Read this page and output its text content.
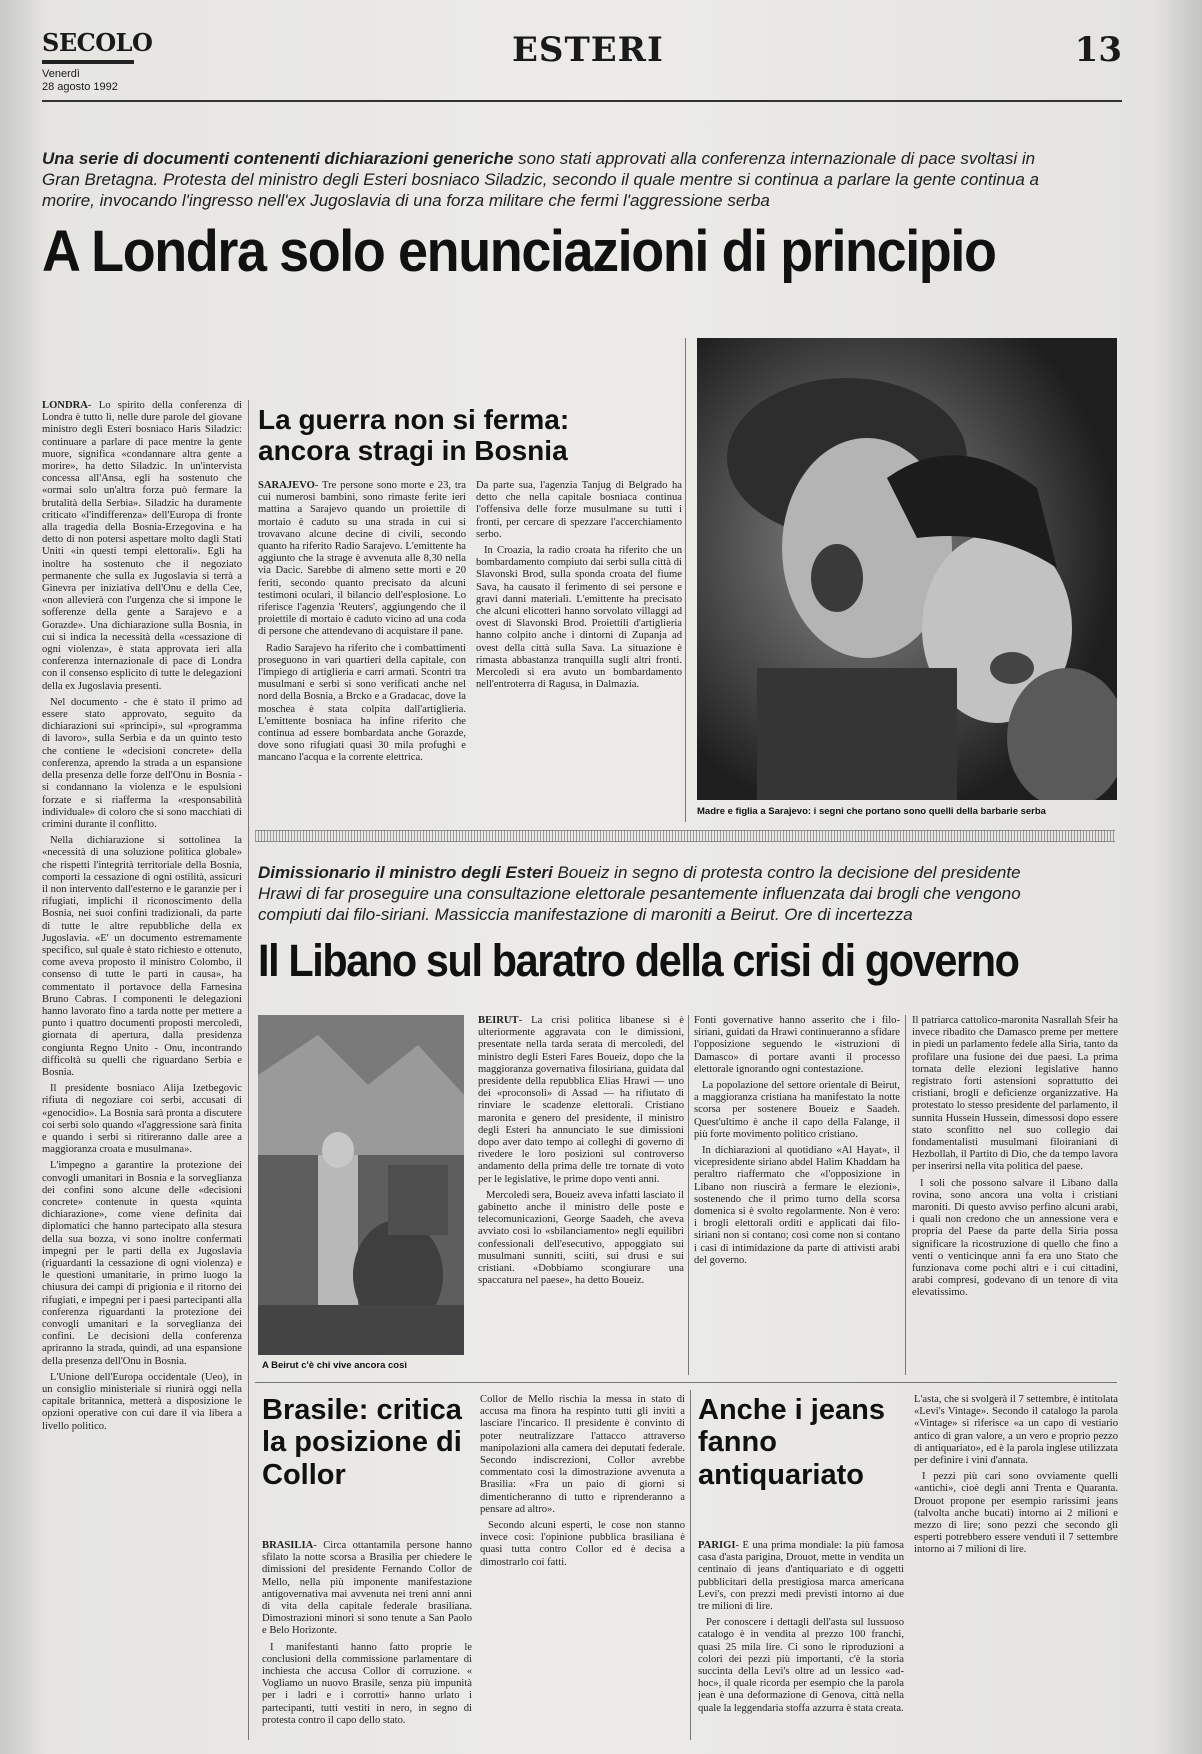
SECOLO
Venerdì
28 agosto 1992
ESTERI	13
Una serie di documenti contenenti dichiarazioni generiche sono stati approvati alla conferenza internazionale di pace svoltasi in Gran Bretagna. Protesta del ministro degli Esteri bosniaco Siladzic, secondo il quale mentre si continua a parlare la gente continua a morire, invocando l'ingresso nell'ex Jugoslavia di una forza militare che fermi l'aggressione serba
A Londra solo enunciazioni di principio

LONDRA- Lo spirito della conferenza di Londra è tutto lì, nelle dure parole del giovane ministro degli Esteri bosniaco Haris Siladzic: continuare a parlare di pace mentre la gente muore, significa «condannare altra gente a morire», ha detto Siladzic. In un'intervista concessa all'Ansa, egli ha sostenuto che «ormai solo un'altra forza può fermare la brutalità della Serbia». Siladzic ha duramente criticato «l'indifferenza» dell'Europa di fronte alla tragedia della Bosnia-Erzegovina e ha detto di non potersi aspettare molto dagli Stati Uniti «in questi tempi elettorali». Egli ha inoltre ha sostenuto che il negoziato permanente che sulla ex Jugoslavia si terrà a Ginevra per iniziativa dell'Onu e della Cee, «non allevierà con l'urgenza che si impone le sofferenze della gente a Sarajevo e a Gorazde». Una dichiarazione sulla Bosnia, in cui si indica la necessità della «cessazione di ogni violenza», è stata approvata ieri alla conferenza internazionale di pace di Londra con il consenso esplicito di tutte le delegazioni della ex Jugoslavia presenti.

Nel documento - che è stato il primo ad essere stato approvato, seguito da dichiarazioni sui «principi», sul «programma di lavoro», sulla Serbia e da un quinto testo che contiene le «decisioni concrete» della conferenza, aprendo la strada a un espansione della presenza delle forze dell'Onu in Bosnia - si condannano la violenza e le espulsioni forzate e si riafferma la «responsabilità individuale» di coloro che si sono macchiati di crimini durante il conflitto.

Nella dichiarazione si sottolinea la «necessità di una soluzione politica globale» che rispetti l'integrità territoriale della Bosnia, comporti la cessazione di ogni ostilità, assicuri il non intervento dall'esterno e le garanzie per i rifugiati, implichi il riconoscimento della Bosnia, nei suoi confini tradizionali, da parte di tutte le altre repubbliche della ex Jugoslavia. «E' un documento estremamente specifico, sul quale è stato richiesto e ottenuto, come aveva proposto il ministro Colombo, il consenso di tutte le parti in causa», ha commentato il portavoce della Farnesina Bruno Cabras. I componenti le delegazioni hanno lavorato fino a tarda notte per mettere a punto i quattro documenti proposti mercoledì, giornata di apertura, dalla presidenza congiunta Regno Unito - Onu, incontrando difficoltà su quelli che riguardano Serbia e Bosnia.

Il presidente bosniaco Alija Izetbegovic rifiuta di negoziare coi serbi, accusati di «genocidio». La Bosnia sarà pronta a discutere coi serbi solo quando «l'aggressione sarà finita e quando i serbi si ritireranno dalle aree a maggioranza croata e musulmana».

L'impegno a garantire la protezione dei convogli umanitari in Bosnia e la sorveglianza dei confini sono alcune delle «decisioni concrete» contenute in questa «quinta dichiarazione», come viene definita dai diplomatici che hanno partecipato alla stesura della sua bozza, vi sono inoltre confermati impegni per le parti della ex Jugoslavia (riguardanti la cessazione di ogni violenza) e le questioni umanitarie, in primo luogo la chiusura dei campi di prigionia e il ritorno dei rifugiati, e impegni per i paesi partecipanti alla conferenza riguardanti la protezione dei convogli umanitari e la sorveglianza dei confini. Le decisioni della conferenza apriranno la strada, quindi, ad una espansione della presenza dell'Onu in Bosnia.

L'Unione dell'Europa occidentale (Ueo), in un consiglio ministeriale si riunirà oggi nella capitale britannica, metterà a disposizione le opzioni operative con cui dare il via libera a livello politico.

La guerra non si ferma: ancora stragi in Bosnia

SARAJEVO- Tre persone sono morte e 23, tra cui numerosi bambini, sono rimaste ferite ieri mattina a Sarajevo quando un proiettile di mortaio è caduto su una strada in cui si trovavano alcune decine di civili, secondo quanto ha riferito Radio Sarajevo. L'emittente ha aggiunto che la strage è avvenuta alle 8,30 nella via Dacic. Sarebbe di almeno sette morti e 20 feriti, secondo quanto precisato da alcuni testimoni oculari, il bilancio dell'esplosione. Lo riferisce l'agenzia 'Reuters', aggiungendo che il proiettile di mortaio è caduto vicino ad una coda di persone che attendevano di acquistare il pane.

Radio Sarajevo ha riferito che i combattimenti proseguono in vari quartieri della capitale, con l'impiego di artiglieria e carri armati. Scontri tra musulmani e serbi si sono verificati anche nel nord della Bosnia, a Brcko e a Gradacac, dove la moschea è stata colpita dall'artiglieria. L'emittente bosniaca ha infine riferito che continua ad essere bombardata anche Gorazde, dove sono rifugiati quasi 30 mila profughi e mancano l'acqua e la corrente elettrica.

Da parte sua, l'agenzia Tanjug di Belgrado ha detto che nella capitale bosniaca continua l'offensiva delle forze musulmane su tutti i fronti, per cercare di spezzare l'accerchiamento serbo.

In Croazia, la radio croata ha riferito che un bombardamento compiuto dai serbi sulla città di Slavonski Brod, sulla sponda croata del fiume Sava, ha causato il ferimento di sei persone e gravi danni materiali. L'emittente ha precisato che alcuni elicotteri hanno sorvolato villaggi ad ovest di Slavonski Brod. Proiettili d'artiglieria hanno colpito anche i dintorni di Zupanja ad ovest della città sulla Sava. La situazione è rimasta abbastanza tranquilla sugli altri fronti. Mercoledì si era avuto un bombardamento nell'entroterra di Ragusa, in Dalmazia.

Madre e figlia a Sarajevo: i segni che portano sono quelli della barbarie serba
Dimissionario il ministro degli Esteri Boueiz in segno di protesta contro la decisione del presidente Hrawi di far proseguire una consultazione elettorale pesantemente influenzata dai brogli che vengono compiuti dai filo-siriani. Massiccia manifestazione di maroniti a Beirut. Ore di incertezza
Il Libano sul baratro della crisi di governo
A Beirut c'è chi vive ancora così

BEIRUT- La crisi politica libanese si è ulteriormente aggravata con le dimissioni, presentate nella tarda serata di mercoledì, del ministro degli Esteri Fares Boueiz, dopo che la maggioranza governativa filosiriana, guidata dal presidente della repubblica Elias Hrawi — uno dei «proconsoli» di Assad — ha rifiutato di rinviare le scadenze elettorali. Cristiano maronita e genero del presidente, il ministro degli Esteri ha annunciato le sue dimissioni dopo aver dato tempo ai colleghi di governo di rivedere le loro posizioni sul controverso andamento della prima delle tre tornate di voto per le legislative, le prime dopo venti anni.

Mercoledì sera, Boueiz aveva infatti lasciato il gabinetto anche il ministro delle poste e telecomunicazioni, George Saadeh, che aveva avviato così lo «sbilanciamento» negli equilibri confessionali dell'esecutivo, appoggiato sui musulmani sunniti, sciiti, sui drusi e sui cristiani. «Dobbiamo scongiurare una spaccatura nel paese», ha detto Boueiz.

Fonti governative hanno asserito che i filo-siriani, guidati da Hrawi continueranno a sfidare l'opposizione seguendo le «istruzioni di Damasco» di portare avanti il processo elettorale ignorando ogni contestazione.

La popolazione del settore orientale di Beirut, a maggioranza cristiana ha manifestato la notte scorsa per sostenere Boueiz e Saadeh. Quest'ultimo è anche il capo della Falange, il più forte movimento politico cristiano.

In dichiarazioni al quotidiano «Al Hayat», il vicepresidente siriano abdel Halim Khaddam ha peraltro riaffermato che «l'opposizione in Libano non riuscirà a fermare le elezioni», sostenendo che il primo turno della scorsa domenica si è svolto regolarmente. Non è vero: i brogli elettorali orditi e applicati dai filo-siriani non si contano; così come non si contano i casi di intimidazione da parte di attivisti arabi del governo.

Il patriarca cattolico-maronita Nasrallah Sfeir ha invece ribadito che Damasco preme per mettere in piedi un parlamento fedele alla Siria, tanto da profilare una fusione dei due paesi. La prima tornata delle elezioni legislative hanno registrato forti astensioni soprattutto dei cristiani, brogli e deficienze organizzative. Ha protestato lo stesso presidente del parlamento, il sunnita Hussein Hussein, dimessosi dopo essere stato sconfitto nel suo collegio dai fondamentalisti musulmani filoiraniani di Hezbollah, il Partito di Dio, che da tempo lavora per inserirsi nella vita politica del paese.

I soli che possono salvare il Libano dalla rovina, sono ancora una volta i cristiani maroniti. Di questo avviso perfino alcuni arabi, i quali non credono che un annessione vera e propria del Paese da parte della Siria possa significare la ricostruzione di quello che fino a venti o venticinque anni fa era uno Stato che funzionava come pochi altri e i cui cittadini, arabi compresi, godevano di un tenore di vita elevatissimo.

Brasile: critica la posizione di Collor

BRASILIA- Circa ottantamila persone hanno sfilato la notte scorsa a Brasilia per chiedere le dimissioni del presidente Fernando Collor de Mello, nella più imponente manifestazione antigovernativa mai avvenuta nei treni anni anni di vita della capitale federale brasiliana. Dimostrazioni minori si sono tenute a San Paolo e Belo Horizonte.

I manifestanti hanno fatto proprie le conclusioni della commissione parlamentare di inchiesta che accusa Collor di corruzione. « Vogliamo un nuovo Brasile, senza più impunità per i ladri e i corrotti» hanno urlato i partecipanti, tutti vestiti in nero, in segno di protesta contro il capo dello stato.

Collor de Mello rischia la messa in stato di accusa ma finora ha respinto tutti gli inviti a lasciare l'incarico. Il presidente è convinto di poter neutralizzare l'attacco attraverso manipolazioni alla camera dei deputati federale. Secondo indiscrezioni, Collor avrebbe commentato così la dimostrazione avvenuta a Brasilia: «Fra un paio di giorni si dimenticheranno di tutto e riprenderanno a pensare ad altro».

Secondo alcuni esperti, le cose non stanno invece così: l'opinione pubblica brasiliana è quasi tutta contro Collor ed è decisa a dimostrarlo coi fatti.

Anche i jeans fanno antiquariato

PARIGI- È una prima mondiale: la più famosa casa d'asta parigina, Drouot, mette in vendita un centinaio di jeans d'antiquariato e di oggetti pubblicitari della prestigiosa marca americana Levi's, con prezzi medi previsti intorno ai due tre milioni di lire.

Per conoscere i dettagli dell'asta sul lussuoso catalogo è in vendita al prezzo 100 franchi, quasi 25 mila lire. Ci sono le riproduzioni a colori dei pezzi più importanti, c'è la storia succinta della Levi's oltre ad un lessico «ad-hoc», il quale ricorda per esempio che la parola jean è una deformazione di Genova, città nella quale la leggendaria stoffa azzurra è stata creata.

L'asta, che si svolgerà il 7 settembre, è intitolata «Levi's Vintage». Secondo il catalogo la parola «Vintage» si riferisce «a un capo di vestiario antico di gran valore, a un vero e proprio pezzo di antiquariato», ed è la parola inglese utilizzata per definire i vini d'annata.

I pezzi più cari sono ovviamente quelli «antichi», cioè degli anni Trenta e Quaranta. Drouot propone per esempio rarissimi jeans (talvolta anche bucati) intorno ai 2 milioni e mezzo di lire; sono pezzi che secondo gli esperti potrebbero essere venduti il 7 settembre intorno ai 7 milioni di lire.
